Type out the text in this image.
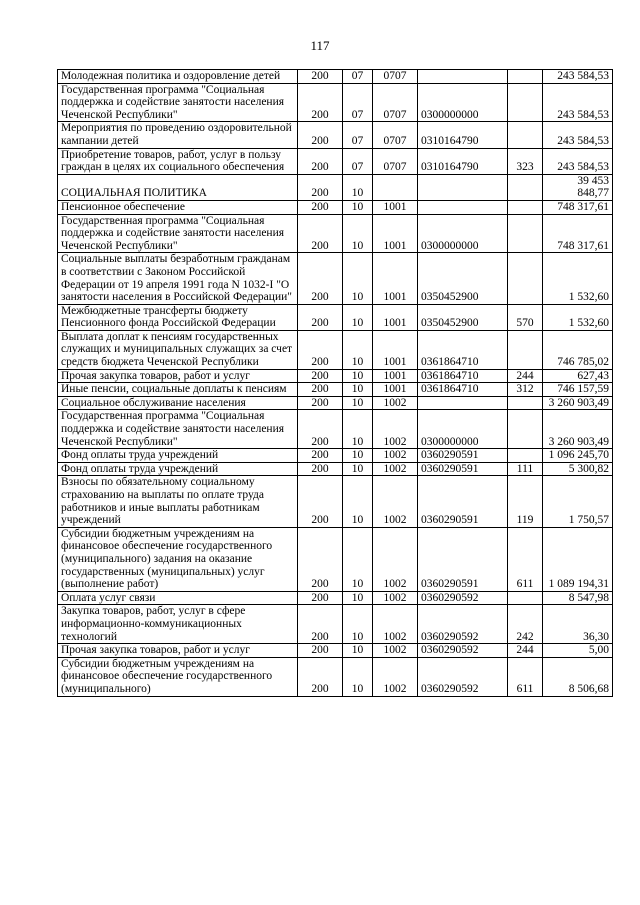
117
Молодежная политика и оздоровление детей	200	07	0707			243 584,53
Государственная программа "Социальная поддержка и содействие занятости населения Чеченской Республики"	200	07	0707	0300000000		243 584,53
Мероприятия по проведению оздоровительной кампании детей	200	07	0707	0310164790		243 584,53
Приобретение товаров, работ, услуг в пользу граждан в целях их социального обеспечения	200	07	0707	0310164790	323	243 584,53
СОЦИАЛЬНАЯ ПОЛИТИКА	200	10				39 453 848,77
Пенсионное обеспечение	200	10	1001			748 317,61
Государственная программа "Социальная поддержка и содействие занятости населения Чеченской Республики"	200	10	1001	0300000000		748 317,61
Социальные выплаты безработным гражданам в соответствии с Законом Российской Федерации от 19 апреля 1991 года N 1032-I "О занятости населения в Российской Федерации"	200	10	1001	0350452900		1 532,60
Межбюджетные трансферты бюджету Пенсионного фонда Российской Федерации	200	10	1001	0350452900	570	1 532,60
Выплата доплат к пенсиям государственных служащих и муниципальных служащих за счет средств бюджета Чеченской Республики	200	10	1001	0361864710		746 785,02
Прочая закупка товаров, работ и услуг	200	10	1001	0361864710	244	627,43
Иные пенсии, социальные доплаты к пенсиям	200	10	1001	0361864710	312	746 157,59
Социальное обслуживание населения	200	10	1002			3 260 903,49
Государственная программа "Социальная поддержка и содействие занятости населения Чеченской Республики"	200	10	1002	0300000000		3 260 903,49
Фонд оплаты труда учреждений	200	10	1002	0360290591		1 096 245,70
Фонд оплаты труда учреждений	200	10	1002	0360290591	111	5 300,82
Взносы по обязательному социальному страхованию на выплаты по оплате труда работников и иные выплаты работникам учреждений	200	10	1002	0360290591	119	1 750,57
Субсидии бюджетным учреждениям на финансовое обеспечение государственного (муниципального) задания на оказание государственных (муниципальных) услуг (выполнение работ)	200	10	1002	0360290591	611	1 089 194,31
Оплата услуг связи	200	10	1002	0360290592		8 547,98
Закупка товаров, работ, услуг в сфере информационно-коммуникационных технологий	200	10	1002	0360290592	242	36,30
Прочая закупка товаров, работ и услуг	200	10	1002	0360290592	244	5,00
Субсидии бюджетным учреждениям на финансовое обеспечение государственного (муниципального)	200	10	1002	0360290592	611	8 506,68
